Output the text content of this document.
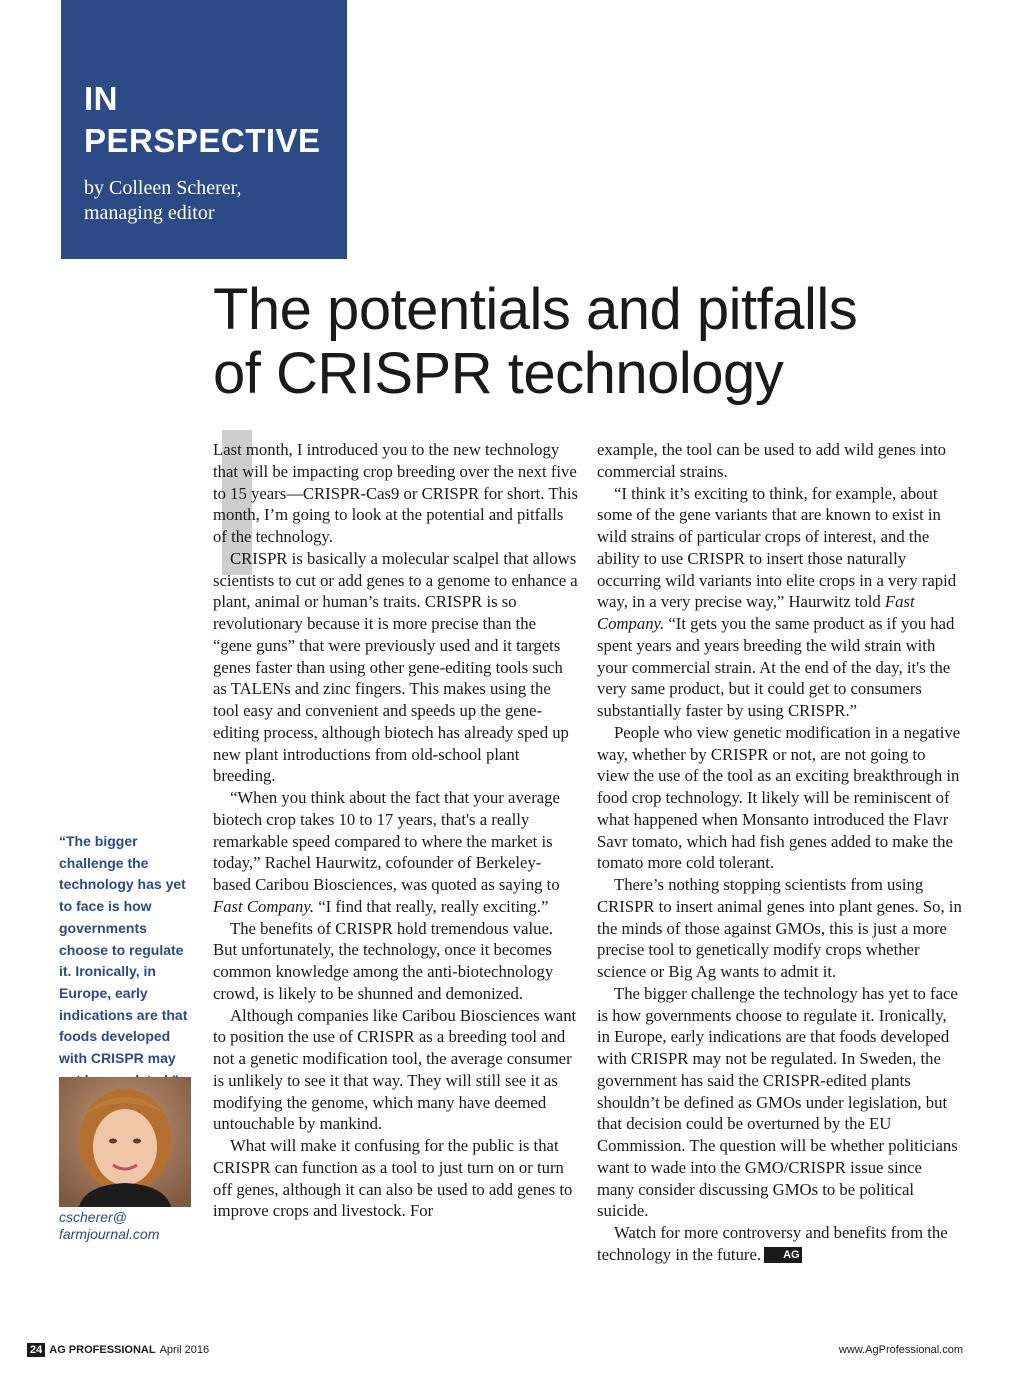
IN
PERSPECTIVE
by Colleen Scherer,
managing editor
The potentials and pitfalls
of CRISPR technology

Last month, I introduced you to the new technology that will be impacting crop breeding over the next five to 15 years—CRISPR-Cas9 or CRISPR for short. This month, I’m going to look at the potential and pitfalls of the technology.

CRISPR is basically a molecular scalpel that allows scientists to cut or add genes to a genome to enhance a plant, animal or human’s traits. CRISPR is so revolutionary because it is more precise than the “gene guns” that were previously used and it targets genes faster than using other gene-editing tools such as TALENs and zinc fingers. This makes using the tool easy and convenient and speeds up the gene-editing process, although biotech has already sped up new plant introductions from old-school plant breeding.

“When you think about the fact that your average biotech crop takes 10 to 17 years, that's a really remarkable speed compared to where the market is today,” Rachel Haurwitz, cofounder of Berkeley-based Caribou Biosciences, was quoted as saying to Fast Company. “I find that really, really exciting.”

The benefits of CRISPR hold tremendous value. But unfortunately, the technology, once it becomes common knowledge among the anti-biotechnology crowd, is likely to be shunned and demonized.

Although companies like Caribou Biosciences want to position the use of CRISPR as a breeding tool and not a genetic modification tool, the average consumer is unlikely to see it that way. They will still see it as modifying the genome, which many have deemed untouchable by mankind.

What will make it confusing for the public is that CRISPR can function as a tool to just turn on or turn off genes, although it can also be used to add genes to improve crops and livestock. For

example, the tool can be used to add wild genes into commercial strains.

“I think it’s exciting to think, for example, about some of the gene variants that are known to exist in wild strains of particular crops of interest, and the ability to use CRISPR to insert those naturally occurring wild variants into elite crops in a very rapid way, in a very precise way,” Haurwitz told Fast Company. “It gets you the same product as if you had spent years and years breeding the wild strain with your commercial strain. At the end of the day, it's the very same product, but it could get to consumers substantially faster by using CRISPR.”

People who view genetic modification in a negative way, whether by CRISPR or not, are not going to view the use of the tool as an exciting breakthrough in food crop technology. It likely will be reminiscent of what happened when Monsanto introduced the Flavr Savr tomato, which had fish genes added to make the tomato more cold tolerant.

There’s nothing stopping scientists from using CRISPR to insert animal genes into plant genes. So, in the minds of those against GMOs, this is just a more precise tool to genetically modify crops whether science or Big Ag wants to admit it.

The bigger challenge the technology has yet to face is how governments choose to regulate it. Ironically, in Europe, early indications are that foods developed with CRISPR may not be regulated. In Sweden, the government has said the CRISPR-edited plants shouldn’t be defined as GMOs under legislation, but that decision could be overturned by the EU Commission. The question will be whether politicians want to wade into the GMO/CRISPR issue since many consider discussing GMOs to be political suicide.

Watch for more controversy and benefits from the technology in the future. AG

“The bigger challenge the technology has yet to face is how governments choose to regulate it. Ironically, in Europe, early indications are that foods developed with CRISPR may
cscherer@
farmjournal.com
24 AG PROFESSIONAL April 2016	www.AgProfessional.com
